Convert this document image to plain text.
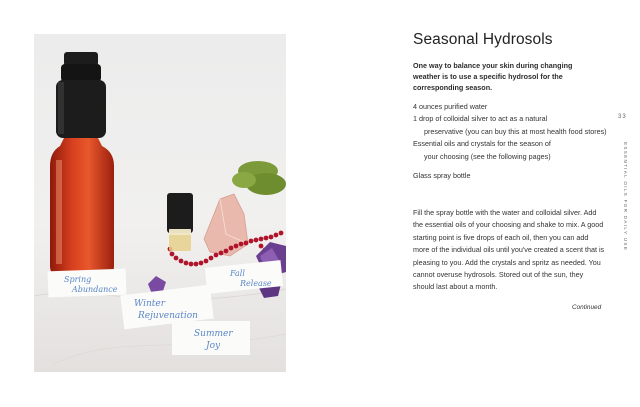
Spring
Abundance
Fall
Release
Winter
Rejuvenation
Summer
Joy
Seasonal Hydrosols
One way to balance your skin during changing weather is to use a specific hydrosol for the corresponding season.
4 ounces purified water
1 drop of colloidal silver to act as a natural
preservative (you can buy this at most health food stores)
Essential oils and crystals for the season of
your choosing (see the following pages)
Glass spray bottle
Fill the spray bottle with the water and colloidal silver. Add the essential oils of your choosing and shake to mix. A good starting point is five drops of each oil, then you can add more of the individual oils until you've created a scent that is pleasing to you. Add the crystals and spritz as needed. You cannot overuse hydrosols. Stored out of the sun, they should last about a month.
Continued
33
ESSENTIAL OILS FOR DAILY USE
